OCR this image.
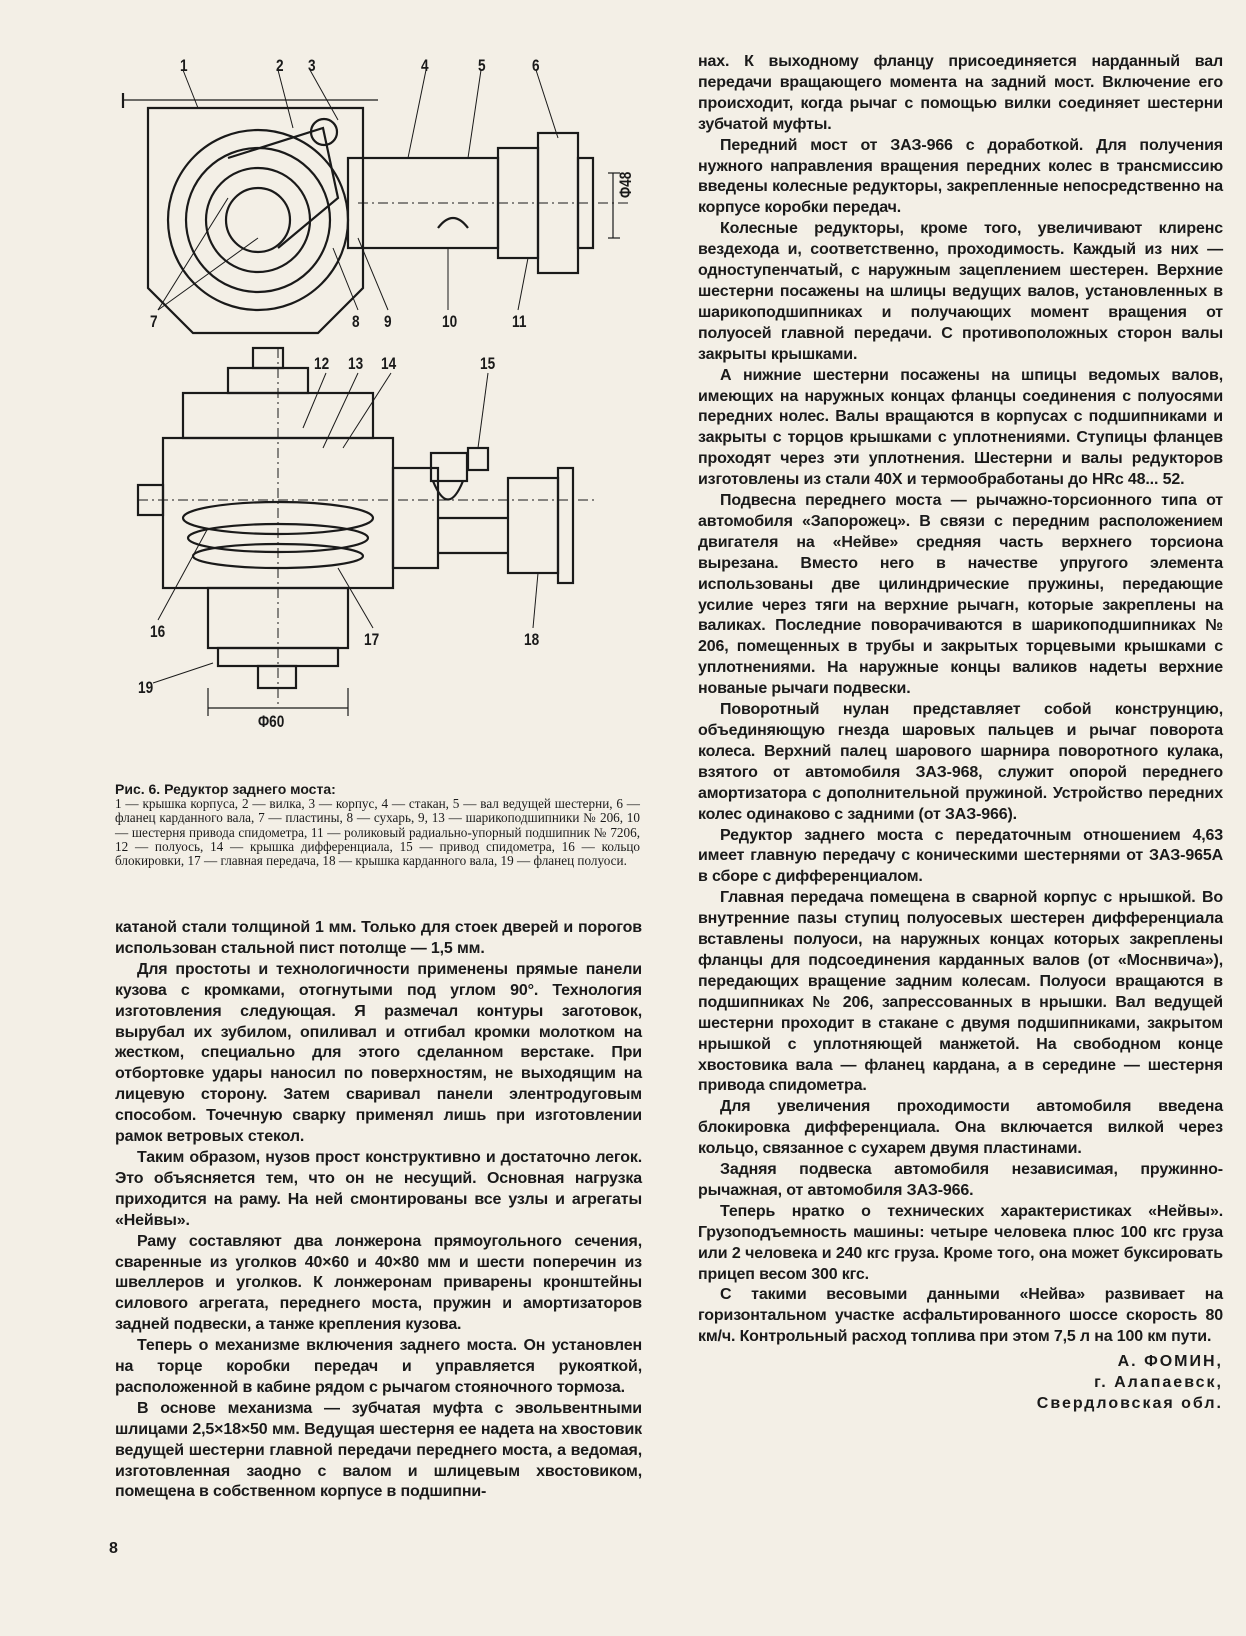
1	2 3	4	5	6
Φ48
7	8 9	10	11
12 13 14	15
16	17	18
19
Φ60
Рис. 6. Редуктор заднего моста:
1 — крышка корпуса, 2 — вилка, 3 — корпус, 4 — стакан, 5 — вал ведущей шестерни, 6 — фланец карданного вала, 7 — пластины, 8 — сухарь, 9, 13 — шарикоподшипники № 206, 10 — шестерня привода спидометра, 11 — роликовый радиально-упорный подшипник № 7206, 12 — полуось, 14 — крышка дифференциала, 15 — привод спидометра, 16 — кольцо блокировки, 17 — главная передача, 18 — крышка карданного вала, 19 — фланец полуоси.

катаной стали толщиной 1 мм. Только для стоек дверей и порогов использован стальной пист потолще — 1,5 мм.

Для простоты и технологичности применены прямые панели кузова с кромками, отогнутыми под углом 90°. Технология изготовления следующая. Я размечал контуры заготовок, вырубал их зубилом, опиливал и отгибал кромки молотком на жестком, специально для этого сделанном верстаке. При отбортовке удары наносил по поверхностям, не выходящим на лицевую сторону. Затем сваривал панели элентродуговым способом. Точечную сварку применял лишь при изготовлении рамок ветровых стекол.

Таким образом, нузов прост конструктивно и достаточно легок. Это объясняется тем, что он не несущий. Основная нагрузка приходится на раму. На ней смонтированы все узлы и агрегаты «Нейвы».

Раму составляют два лонжерона прямоугольного сечения, сваренные из уголков 40×60 и 40×80 мм и шести поперечин из швеллеров и уголков. К лонжеронам приварены кронштейны силового агрегата, переднего моста, пружин и амортизаторов задней подвески, а танже крепления кузова.

Теперь о механизме включения заднего моста. Он установлен на торце коробки передач и управляется рукояткой, расположенной в кабине рядом с рычагом стояночного тормоза.

В основе механизма — зубчатая муфта с эвольвентными шлицами 2,5×18×50 мм. Ведущая шестерня ее надета на хвостовик ведущей шестерни главной передачи переднего моста, а ведомая, изготовленная заодно с валом и шлицевым хвостовиком, помещена в собственном корпусе в подшипни-

нах. К выходному фланцу присоединяется нарданный вал передачи вращающего момента на задний мост. Включение его происходит, когда рычаг с помощью вилки соединяет шестерни зубчатой муфты.

Передний мост от ЗАЗ-966 с доработкой. Для получения нужного направления вращения передних колес в трансмиссию введены колесные редукторы, закрепленные непосредственно на корпусе коробки передач.

Колесные редукторы, кроме того, увеличивают клиренс вездехода и, соответственно, проходимость. Каждый из них — одноступенчатый, с наружным зацеплением шестерен. Верхние шестерни посажены на шлицы ведущих валов, установленных в шарикоподшипниках и получающих момент вращения от полуосей главной передачи. С противоположных сторон валы закрыты крышками.

А нижние шестерни посажены на шпицы ведомых валов, имеющих на наружных концах фланцы соединения с полуосями передних нолес. Валы вращаются в корпусах с подшипниками и закрыты с торцов крышками с уплотнениями. Ступицы фланцев проходят через эти уплотнения. Шестерни и валы редукторов изготовлены из стали 40Х и термообработаны до HRc 48... 52.

Подвесна переднего моста — рычажно-торсионного типа от автомобиля «Запорожец». В связи с передним расположением двигателя на «Нейве» средняя часть верхнего торсиона вырезана. Вместо него в начестве упругого элемента использованы две цилиндрические пружины, передающие усилие через тяги на верхние рычагн, которые закреплены на валиках. Последние поворачиваются в шарикоподшипниках № 206, помещенных в трубы и закрытых торцевыми крышками с уплотнениями. На наружные концы валиков надеты верхние нованые рычаги подвески.

Поворотный нулан представляет собой конструнцию, объединяющую гнезда шаровых пальцев и рычаг поворота колеса. Верхний палец шарового шарнира поворотного кулака, взятого от автомобиля ЗАЗ-968, служит опорой переднего амортизатора с дополнительной пружиной. Устройство передних колес одинаково с задними (от ЗАЗ-966).

Редуктор заднего моста с передаточным отношением 4,63 имеет главную передачу с коническими шестернями от ЗАЗ-965А в сборе с дифференциалом.

Главная передача помещена в сварной корпус с нрышкой. Во внутренние пазы ступиц полуосевых шестерен дифференциала вставлены полуоси, на наружных концах которых закреплены фланцы для подсоединения карданных валов (от «Моснвича»), передающих вращение задним колесам. Полуоси вращаются в подшипниках № 206, запрессованных в нрышки. Вал ведущей шестерни проходит в стакане с двумя подшипниками, закрытом нрышкой с уплотняющей манжетой. На свободном конце хвостовика вала — фланец кардана, а в середине — шестерня привода спидометра.

Для увеличения проходимости автомобиля введена блокировка дифференциала. Она включается вилкой через кольцо, связанное с сухарем двумя пластинами.

Задняя подвеска автомобиля независимая, пружинно-рычажная, от автомобиля ЗАЗ-966.

Теперь нратко о технических характеристиках «Нейвы». Грузоподъемность машины: четыре человека плюс 100 кгс груза или 2 человека и 240 кгс груза. Кроме того, она может буксировать прицеп весом 300 кгс.

С такими весовыми данными «Нейва» развивает на горизонтальном участке асфальтированного шоссе скорость 80 км/ч. Контрольный расход топлива при этом 7,5 л на 100 км пути.

А. ФОМИН,
г. Алапаевск,
Свердловская обл.
8
